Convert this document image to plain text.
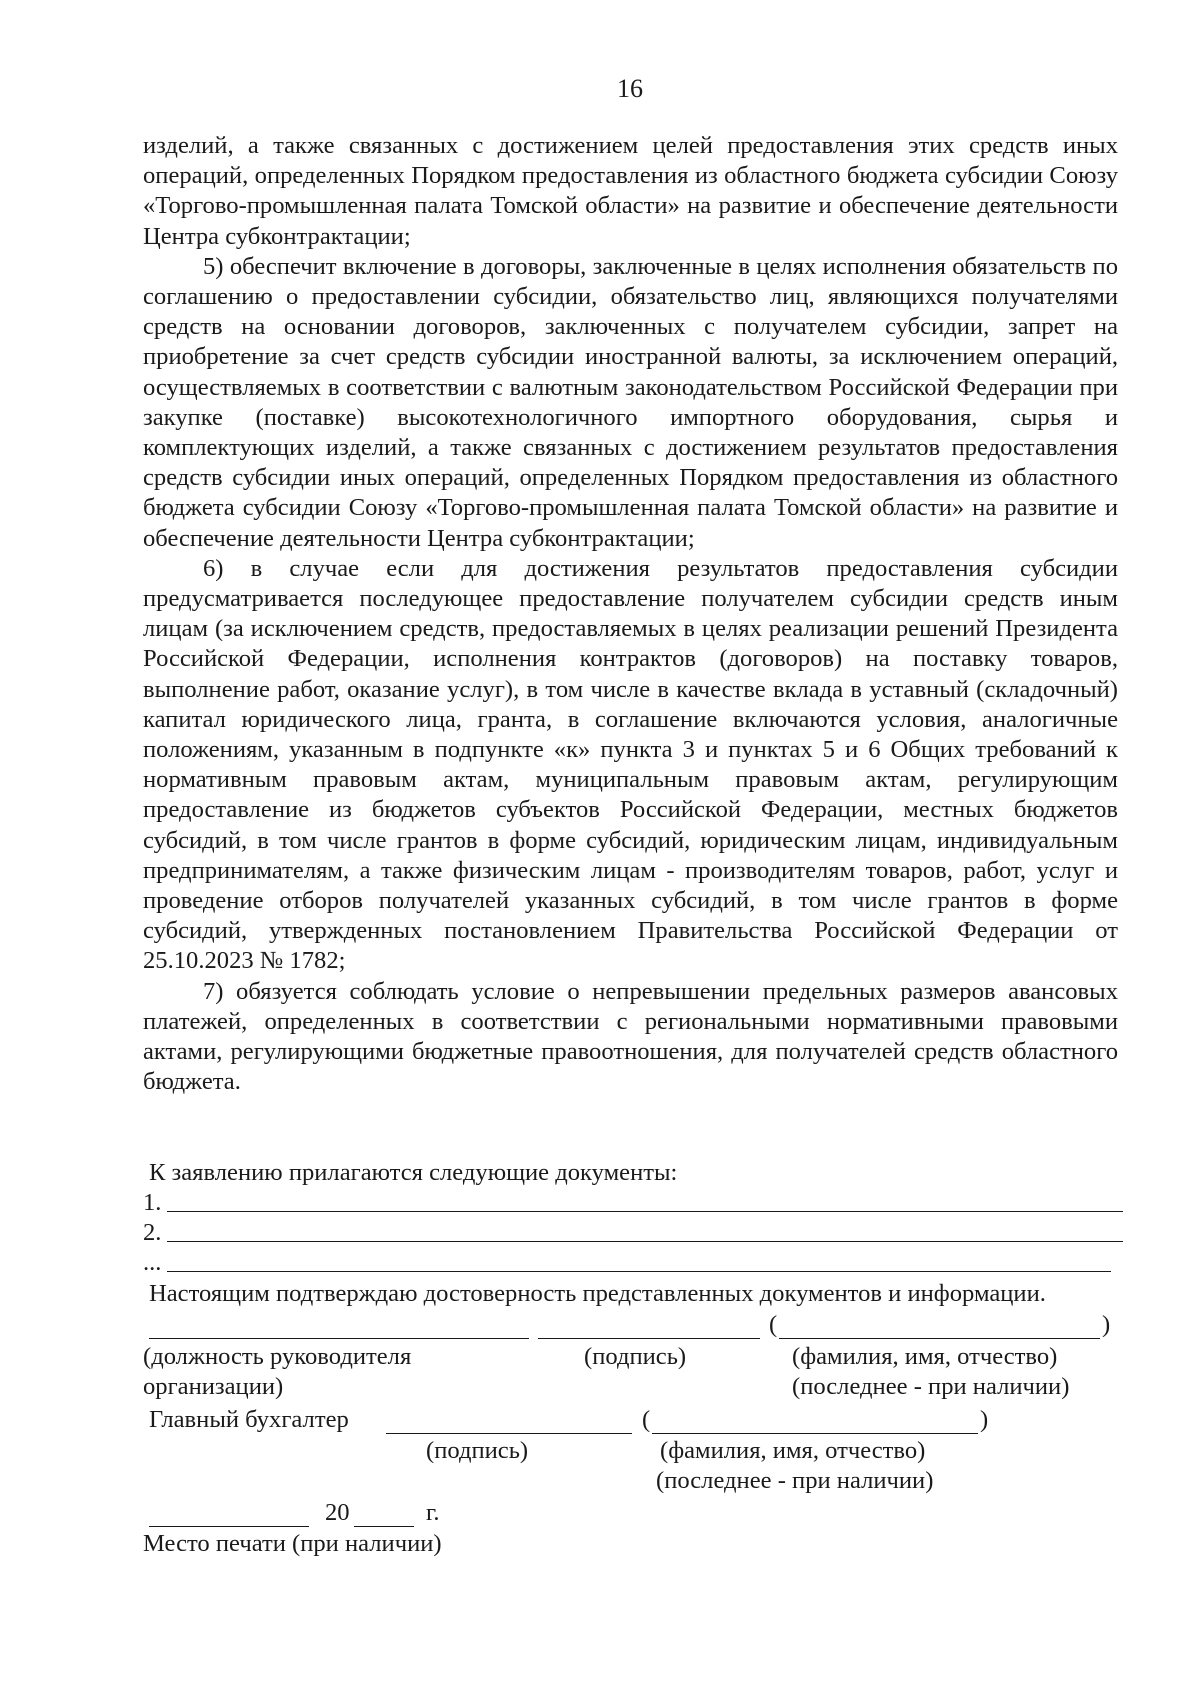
16

изделий, а также связанных с достижением целей предоставления этих средств иных операций, определенных Порядком предоставления из областного бюджета субсидии Союзу «Торгово-промышленная палата Томской области» на развитие и обеспечение деятельности Центра субконтрактации;

5) обеспечит включение в договоры, заключенные в целях исполнения обязательств по соглашению о предоставлении субсидии, обязательство лиц, являющихся получателями средств на основании договоров, заключенных с получателем субсидии, запрет на приобретение за счет средств субсидии иностранной валюты, за исключением операций, осуществляемых в соответствии с валютным законодательством Российской Федерации при закупке (поставке) высокотехнологичного импортного оборудования, сырья и комплектующих изделий, а также связанных с достижением результатов предоставления средств субсидии иных операций, определенных Порядком предоставления из областного бюджета субсидии Союзу «Торгово-промышленная палата Томской области» на развитие и обеспечение деятельности Центра субконтрактации;

6) в случае если для достижения результатов предоставления субсидии предусматривается последующее предоставление получателем субсидии средств иным лицам (за исключением средств, предоставляемых в целях реализации решений Президента Российской Федерации, исполнения контрактов (договоров) на поставку товаров, выполнение работ, оказание услуг), в том числе в качестве вклада в уставный (складочный) капитал юридического лица, гранта, в соглашение включаются условия, аналогичные положениям, указанным в подпункте «к» пункта 3 и пунктах 5 и 6 Общих требований к нормативным правовым актам, муниципальным правовым актам, регулирующим предоставление из бюджетов субъектов Российской Федерации, местных бюджетов субсидий, в том числе грантов в форме субсидий, юридическим лицам, индивидуальным предпринимателям, а также физическим лицам - производителям товаров, работ, услуг и проведение отборов получателей указанных субсидий, в том числе грантов в форме субсидий, утвержденных постановлением Правительства Российской Федерации от 25.10.2023 № 1782;

7) обязуется соблюдать условие о непревышении предельных размеров авансовых платежей, определенных в соответствии с региональными нормативными правовыми актами, регулирующими бюджетные правоотношения, для получателей средств областного бюджета.

К заявлению прилагаются следующие документы:
1.
2.
...
Настоящим подтверждаю достоверность представленных документов и информации.
(	)
(должность руководителя
организации)
(подпись)	(фамилия, имя, отчество)
(последнее - при наличии)
Главный бухгалтер	(	)
(подпись)	(фамилия, имя, отчество)
(последнее - при наличии)
20	г.
Место печати (при наличии)
